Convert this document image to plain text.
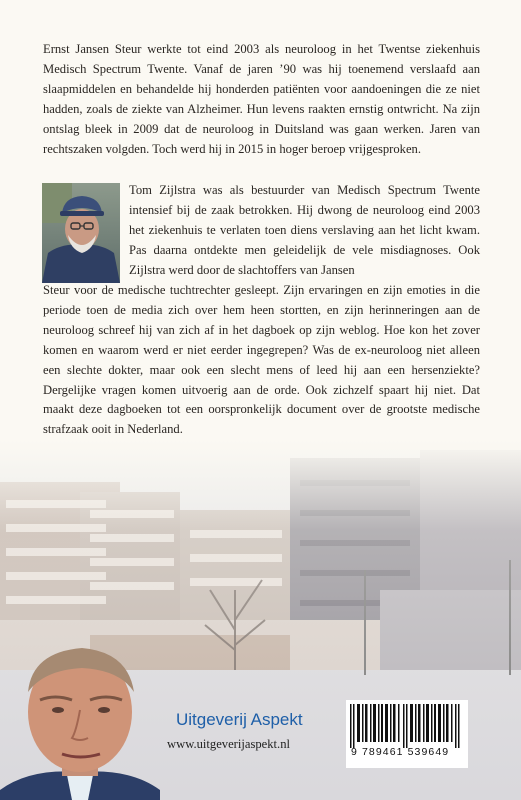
Ernst Jansen Steur werkte tot eind 2003 als neuroloog in het Twentse ziekenhuis Medisch Spectrum Twente. Vanaf de jaren ’90 was hij toenemend verslaafd aan slaapmiddelen en behandelde hij honderden patiënten voor aandoeningen die ze niet hadden, zoals de ziekte van Alzheimer. Hun levens raakten ernstig ontwricht. Na zijn ontslag bleek in 2009 dat de neuroloog in Duitsland was gaan werken. Jaren van rechtszaken volgden. Toch werd hij in 2015 in hoger beroep vrijgesproken.
Tom Zijlstra was als bestuurder van Medisch Spectrum Twente intensief bij de zaak betrokken. Hij dwong de neuroloog eind 2003 het ziekenhuis te verlaten toen diens verslaving aan het licht kwam. Pas daarna ontdekte men geleidelijk de vele misdiagnoses. Ook Zijlstra werd door de slachtoffers van Jansen
Steur voor de medische tuchtrechter gesleept. Zijn ervaringen en zijn emoties in die periode toen de media zich over hem heen stortten, en zijn herinneringen aan de neuroloog schreef hij van zich af in het dagboek op zijn weblog. Hoe kon het zover komen en waarom werd er niet eerder ingegrepen? Was de ex-neuroloog niet alleen een slechte dokter, maar ook een slecht mens of leed hij aan een hersenziekte? Dergelijke vragen komen uitvoerig aan de orde. Ook zichzelf spaart hij niet. Dat maakt deze dagboeken tot een oorspronkelijk document over de grootste medische strafzaak ooit in Nederland.
Uitgeverij Aspekt
www.uitgeverijaspekt.nl
9 789461 539649
